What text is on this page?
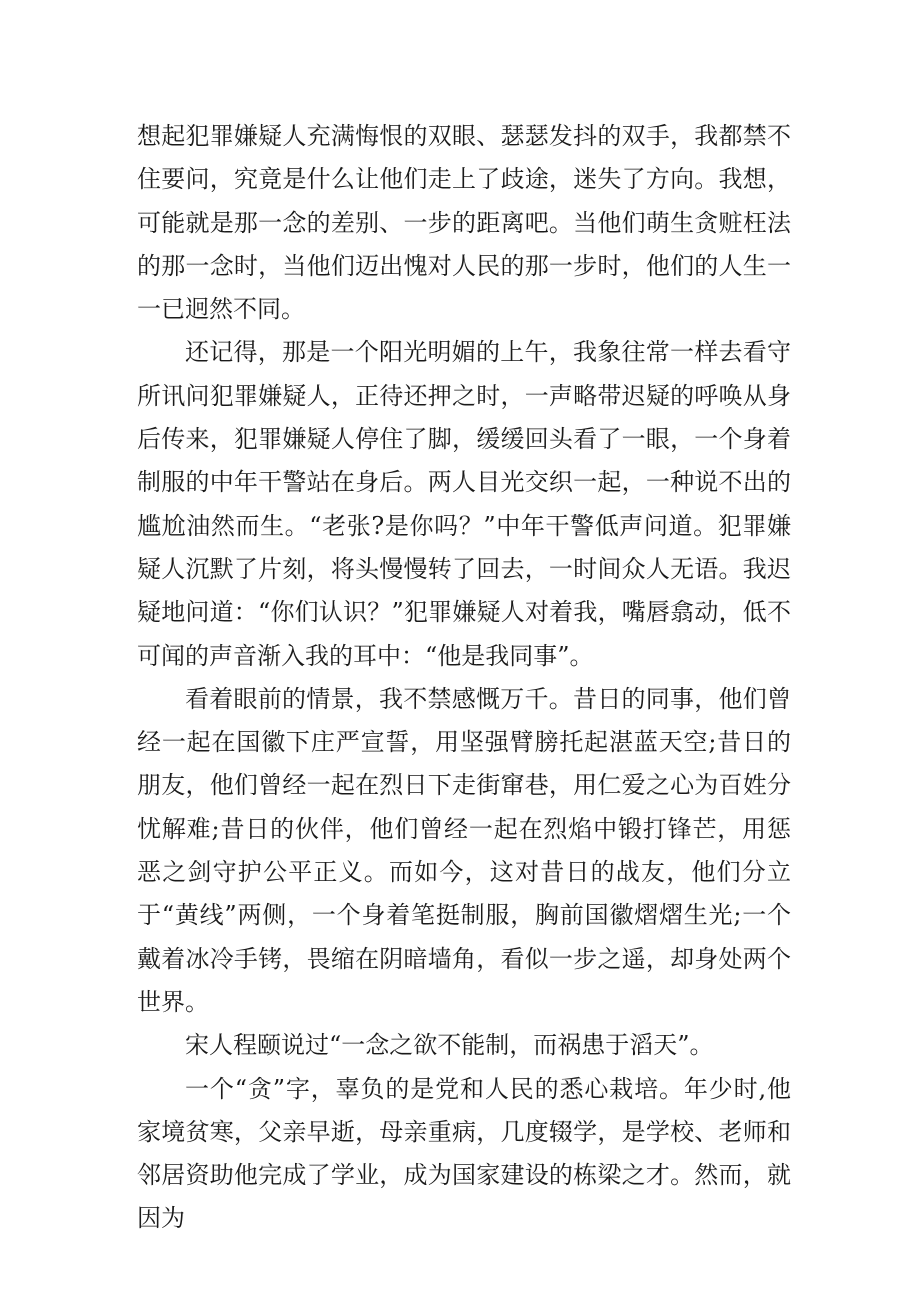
想起犯罪嫌疑人充满悔恨的双眼、瑟瑟发抖的双手，我都禁不住要问，究竟是什么让他们走上了歧途，迷失了方向。我想，可能就是那一念的差别、一步的距离吧。当他们萌生贪赃枉法的那一念时，当他们迈出愧对人民的那一步时，他们的人生一一已迥然不同。

还记得，那是一个阳光明媚的上午，我象往常一样去看守所讯问犯罪嫌疑人，正待还押之时，一声略带迟疑的呼唤从身后传来，犯罪嫌疑人停住了脚，缓缓回头看了一眼，一个身着制服的中年干警站在身后。两人目光交织一起，一种说不出的尴尬油然而生。“老张?是你吗？”中年干警低声问道。犯罪嫌疑人沉默了片刻，将头慢慢转了回去，一时间众人无语。我迟疑地问道：“你们认识？”犯罪嫌疑人对着我，嘴唇翕动，低不可闻的声音渐入我的耳中：“他是我同事”。

看着眼前的情景，我不禁感慨万千。昔日的同事，他们曾经一起在国徽下庄严宣誓，用坚强臂膀托起湛蓝天空;昔日的朋友，他们曾经一起在烈日下走街窜巷，用仁爱之心为百姓分忧解难;昔日的伙伴，他们曾经一起在烈焰中锻打锋芒，用惩恶之剑守护公平正义。而如今，这对昔日的战友，他们分立于“黄线”两侧，一个身着笔挺制服，胸前国徽熠熠生光;一个戴着冰冷手铐，畏缩在阴暗墙角，看似一步之遥，却身处两个世界。

宋人程颐说过“一念之欲不能制，而祸患于滔天”。

一个“贪”字，辜负的是党和人民的悉心栽培。年少时,他家境贫寒，父亲早逝，母亲重病，几度辍学，是学校、老师和邻居资助他完成了学业，成为国家建设的栋梁之才。然而，就因为
